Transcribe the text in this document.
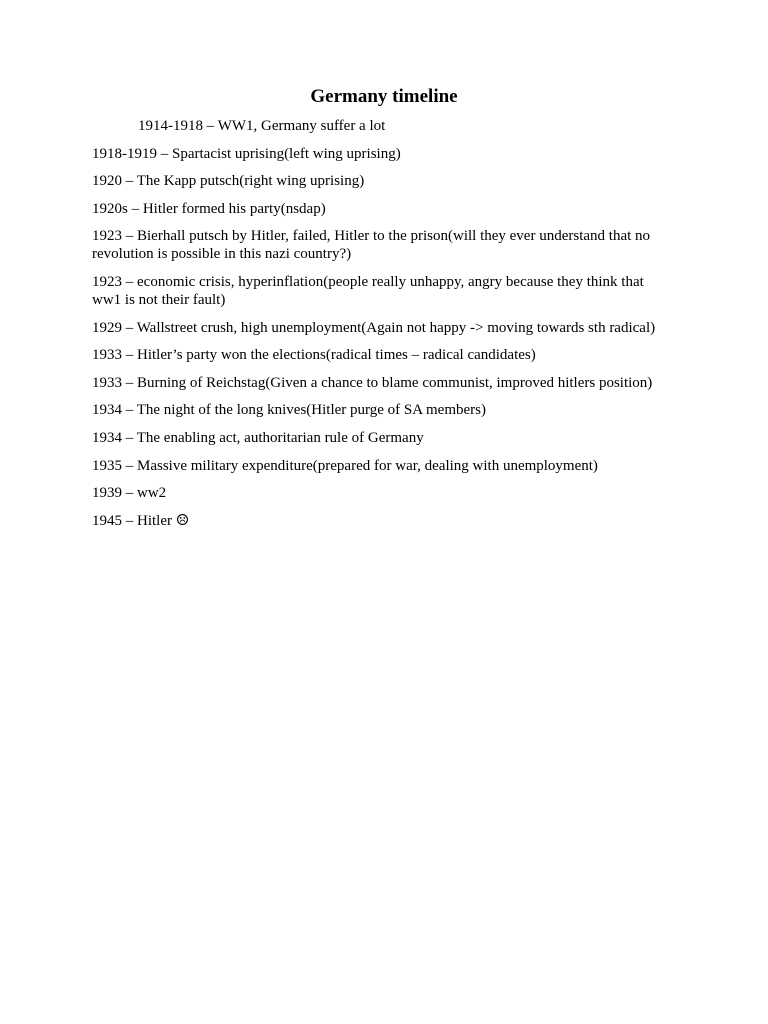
Germany timeline

1914-1918 – WW1, Germany suffer a lot

1918-1919 – Spartacist uprising(left wing uprising)

1920 – The Kapp putsch(right wing uprising)

1920s – Hitler formed his party(nsdap)

1923 – Bierhall putsch by Hitler, failed, Hitler to the prison(will they ever understand that no revolution is possible in this nazi country?)

1923 – economic crisis, hyperinflation(people really unhappy, angry because they think that ww1 is not their fault)

1929 – Wallstreet crush, high unemployment(Again not happy -> moving towards sth radical)

1933 – Hitler’s party won the elections(radical times – radical candidates)

1933 – Burning of Reichstag(Given a chance to blame communist, improved hitlers position)

1934 – The night of the long knives(Hitler purge of SA members)

1934 – The enabling act, authoritarian rule of Germany

1935 – Massive military expenditure(prepared for war, dealing with unemployment)

1939 – ww2

1945 – Hitler ☹
